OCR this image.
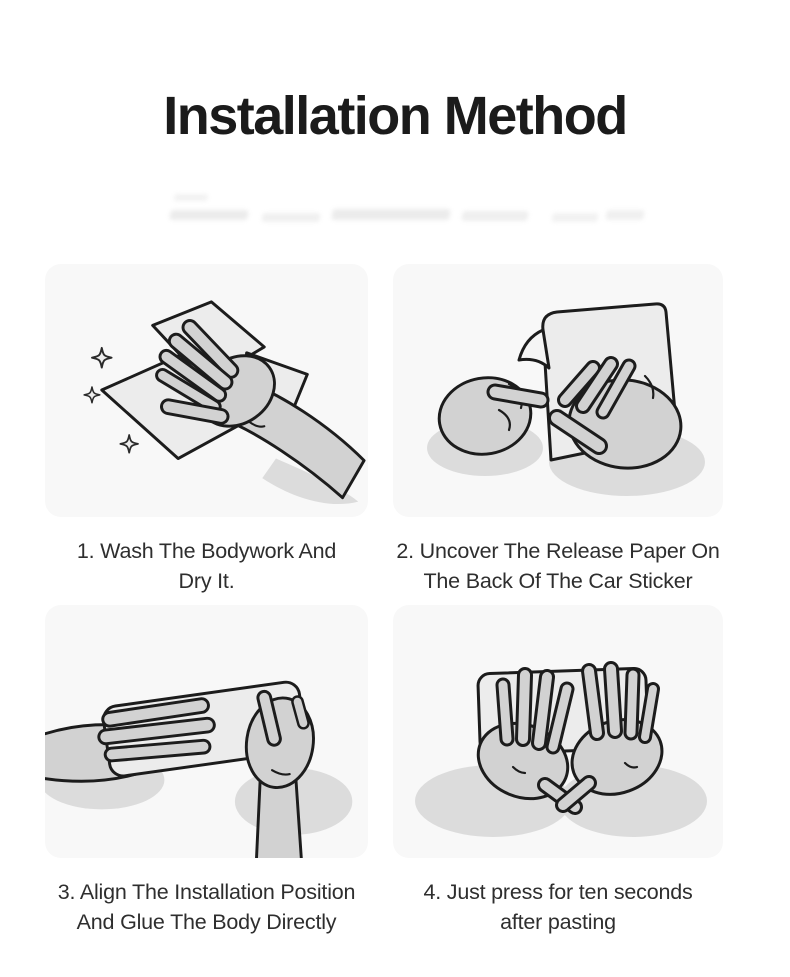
Installation Method

1. Wash The Bodywork And
Dry It.

2. Uncover The Release Paper On
The Back Of The Car Sticker

3. Align The Installation Position
And Glue The Body Directly

4. Just press for ten seconds
after pasting
